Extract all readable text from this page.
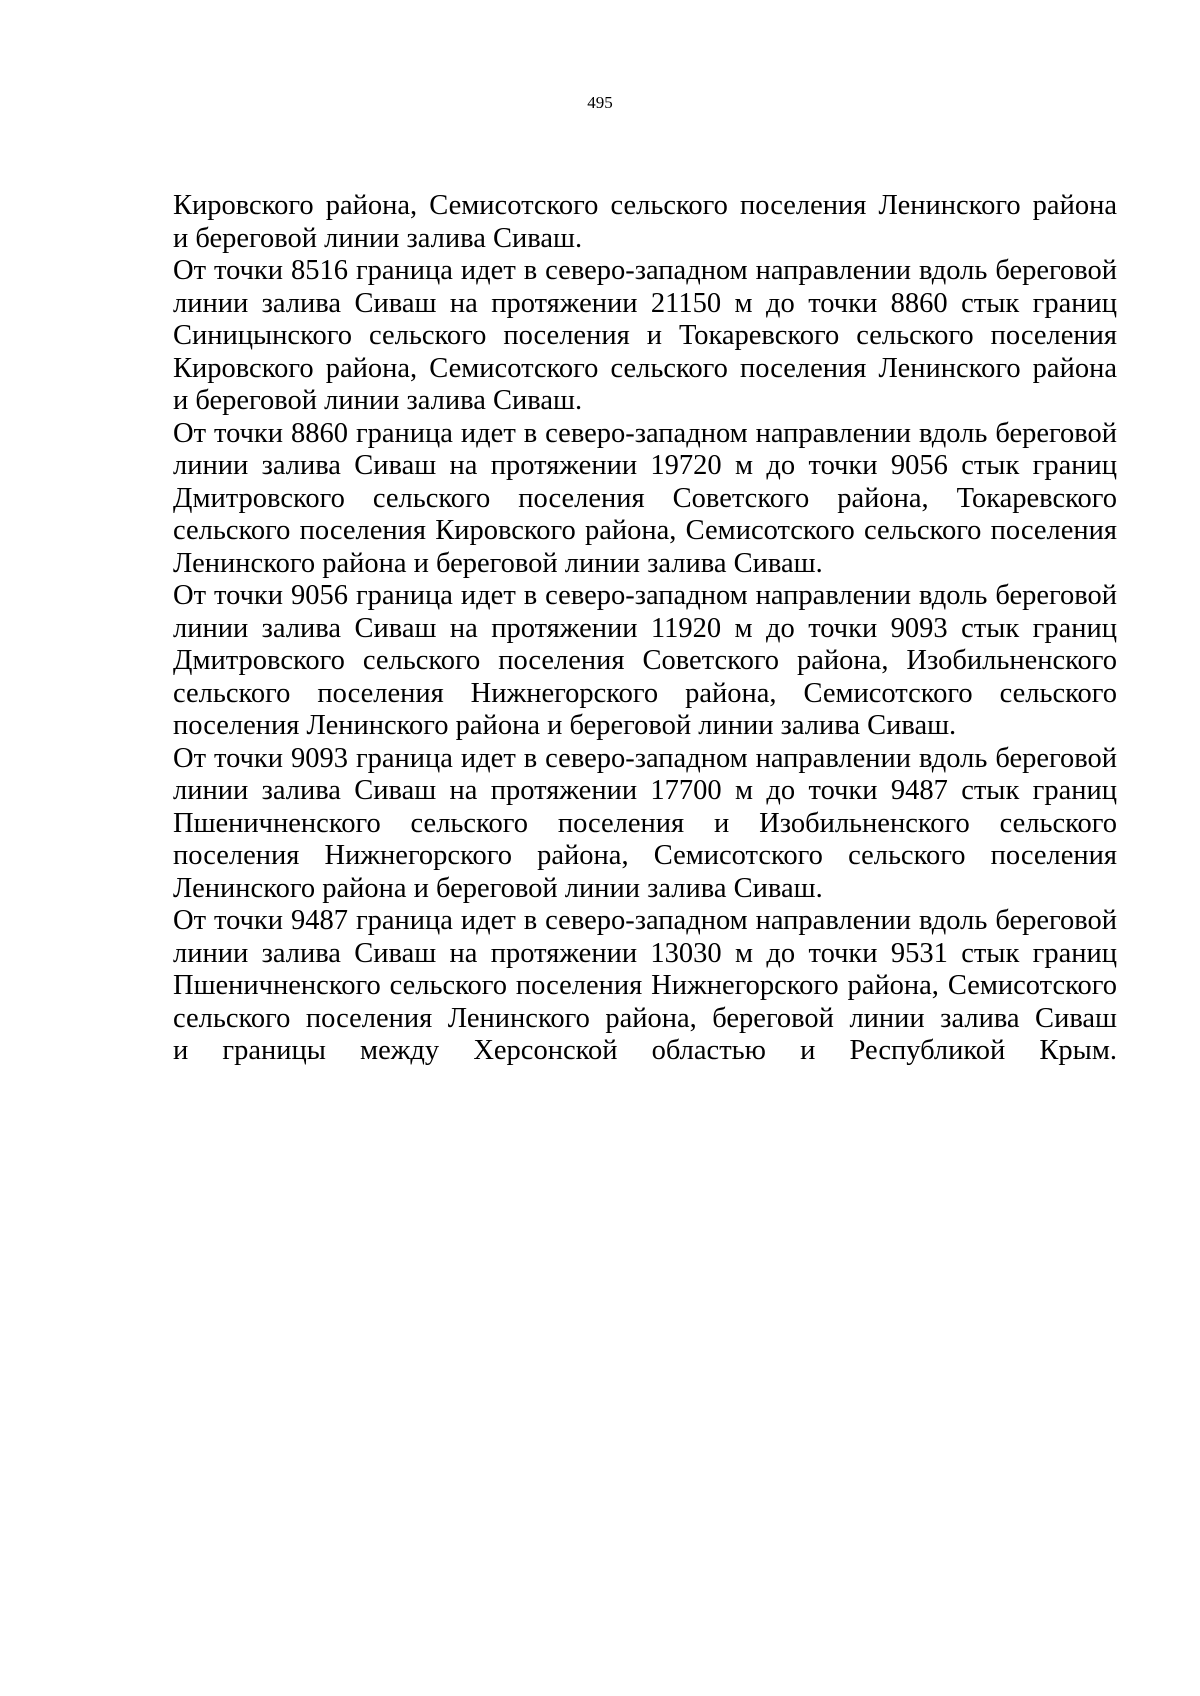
495
Кировского района, Семисотского сельского поселения Ленинского района
и береговой линии залива Сиваш.
От точки 8516 граница идет в северо-западном направлении вдоль береговой
линии залива Сиваш на протяжении 21150 м до точки 8860 стык границ
Синицынского сельского поселения и Токаревского сельского поселения
Кировского района, Семисотского сельского поселения Ленинского района
и береговой линии залива Сиваш.
От точки 8860 граница идет в северо-западном направлении вдоль береговой
линии залива Сиваш на протяжении 19720 м до точки 9056 стык границ
Дмитровского сельского поселения Советского района, Токаревского
сельского поселения Кировского района, Семисотского сельского поселения
Ленинского района и береговой линии залива Сиваш.
От точки 9056 граница идет в северо-западном направлении вдоль береговой
линии залива Сиваш на протяжении 11920 м до точки 9093 стык границ
Дмитровского сельского поселения Советского района, Изобильненского
сельского поселения Нижнегорского района, Семисотского сельского
поселения Ленинского района и береговой линии залива Сиваш.
От точки 9093 граница идет в северо-западном направлении вдоль береговой
линии залива Сиваш на протяжении 17700 м до точки 9487 стык границ
Пшеничненского сельского поселения и Изобильненского сельского
поселения Нижнегорского района, Семисотского сельского поселения
Ленинского района и береговой линии залива Сиваш.
От точки 9487 граница идет в северо-западном направлении вдоль береговой
линии залива Сиваш на протяжении 13030 м до точки 9531 стык границ
Пшеничненского сельского поселения Нижнегорского района, Семисотского
сельского поселения Ленинского района, береговой линии залива Сиваш
и границы между Херсонской областью и Республикой Крым.
